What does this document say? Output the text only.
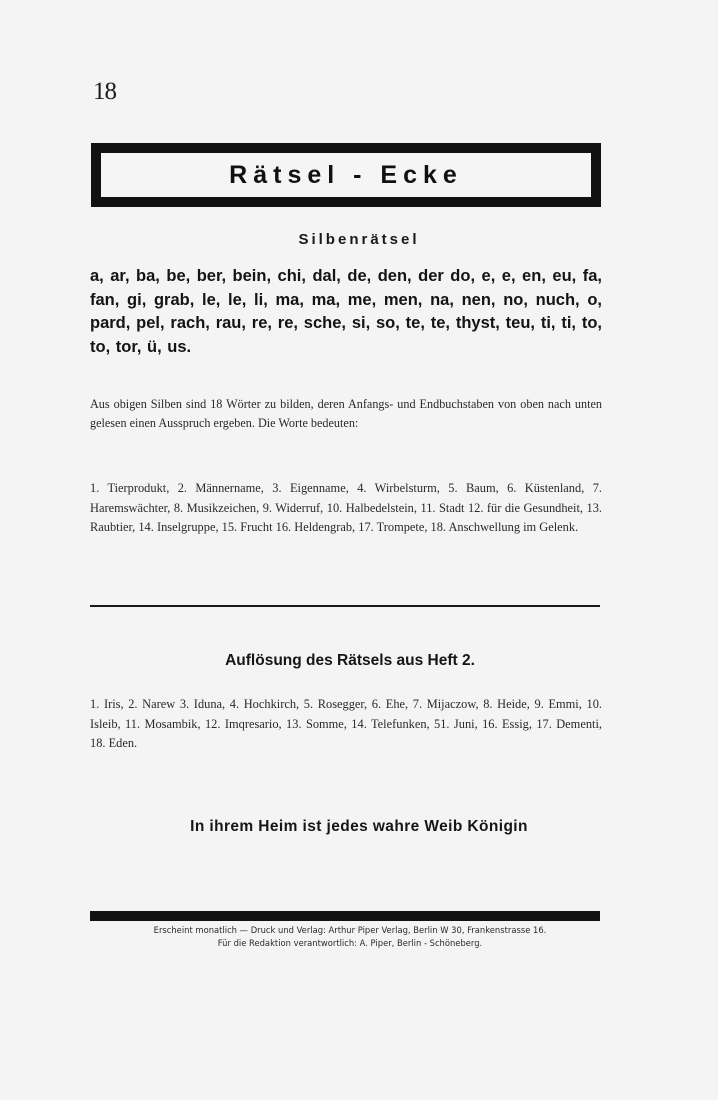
18
Rätsel - Ecke
Silbenrätsel
a, ar, ba, be, ber, bein, chi, dal, de, den, der do, e, e, en, eu, fa, fan, gi, grab, le, le, li, ma, ma, me, men, na, nen, no, nuch, o, pard, pel, rach, rau, re, re, sche, si, so, te, te, thyst, teu, ti, ti, to, to, tor, ü, us.
Aus obigen Silben sind 18 Wörter zu bilden, deren Anfangs- und Endbuchstaben von oben nach unten gelesen einen Ausspruch ergeben. Die Worte bedeuten:
1. Tierprodukt, 2. Männername, 3. Eigenname, 4. Wirbelsturm, 5. Baum, 6. Küstenland, 7. Haremswächter, 8. Musikzeichen, 9. Widerruf, 10. Halbedelstein, 11. Stadt 12. für die Gesundheit, 13. Raubtier, 14. Inselgruppe, 15. Frucht 16. Heldengrab, 17. Trompete, 18. Anschwellung im Gelenk.
Auflösung des Rätsels aus Heft 2.
1. Iris, 2. Narew 3. Iduna, 4. Hochkirch, 5. Rosegger, 6. Ehe, 7. Mijaczow, 8. Heide, 9. Emmi, 10. Isleib, 11. Mosambik, 12. Imqresario, 13. Somme, 14. Telefunken, 51. Juni, 16. Essig, 17. Dementi, 18. Eden.
In ihrem Heim ist jedes wahre Weib Königin
Erscheint monatlich — Druck und Verlag: Arthur Piper Verlag, Berlin W 30, Frankenstrasse 16.
Für die Redaktion verantwortlich: A. Piper, Berlin - Schöneberg.
